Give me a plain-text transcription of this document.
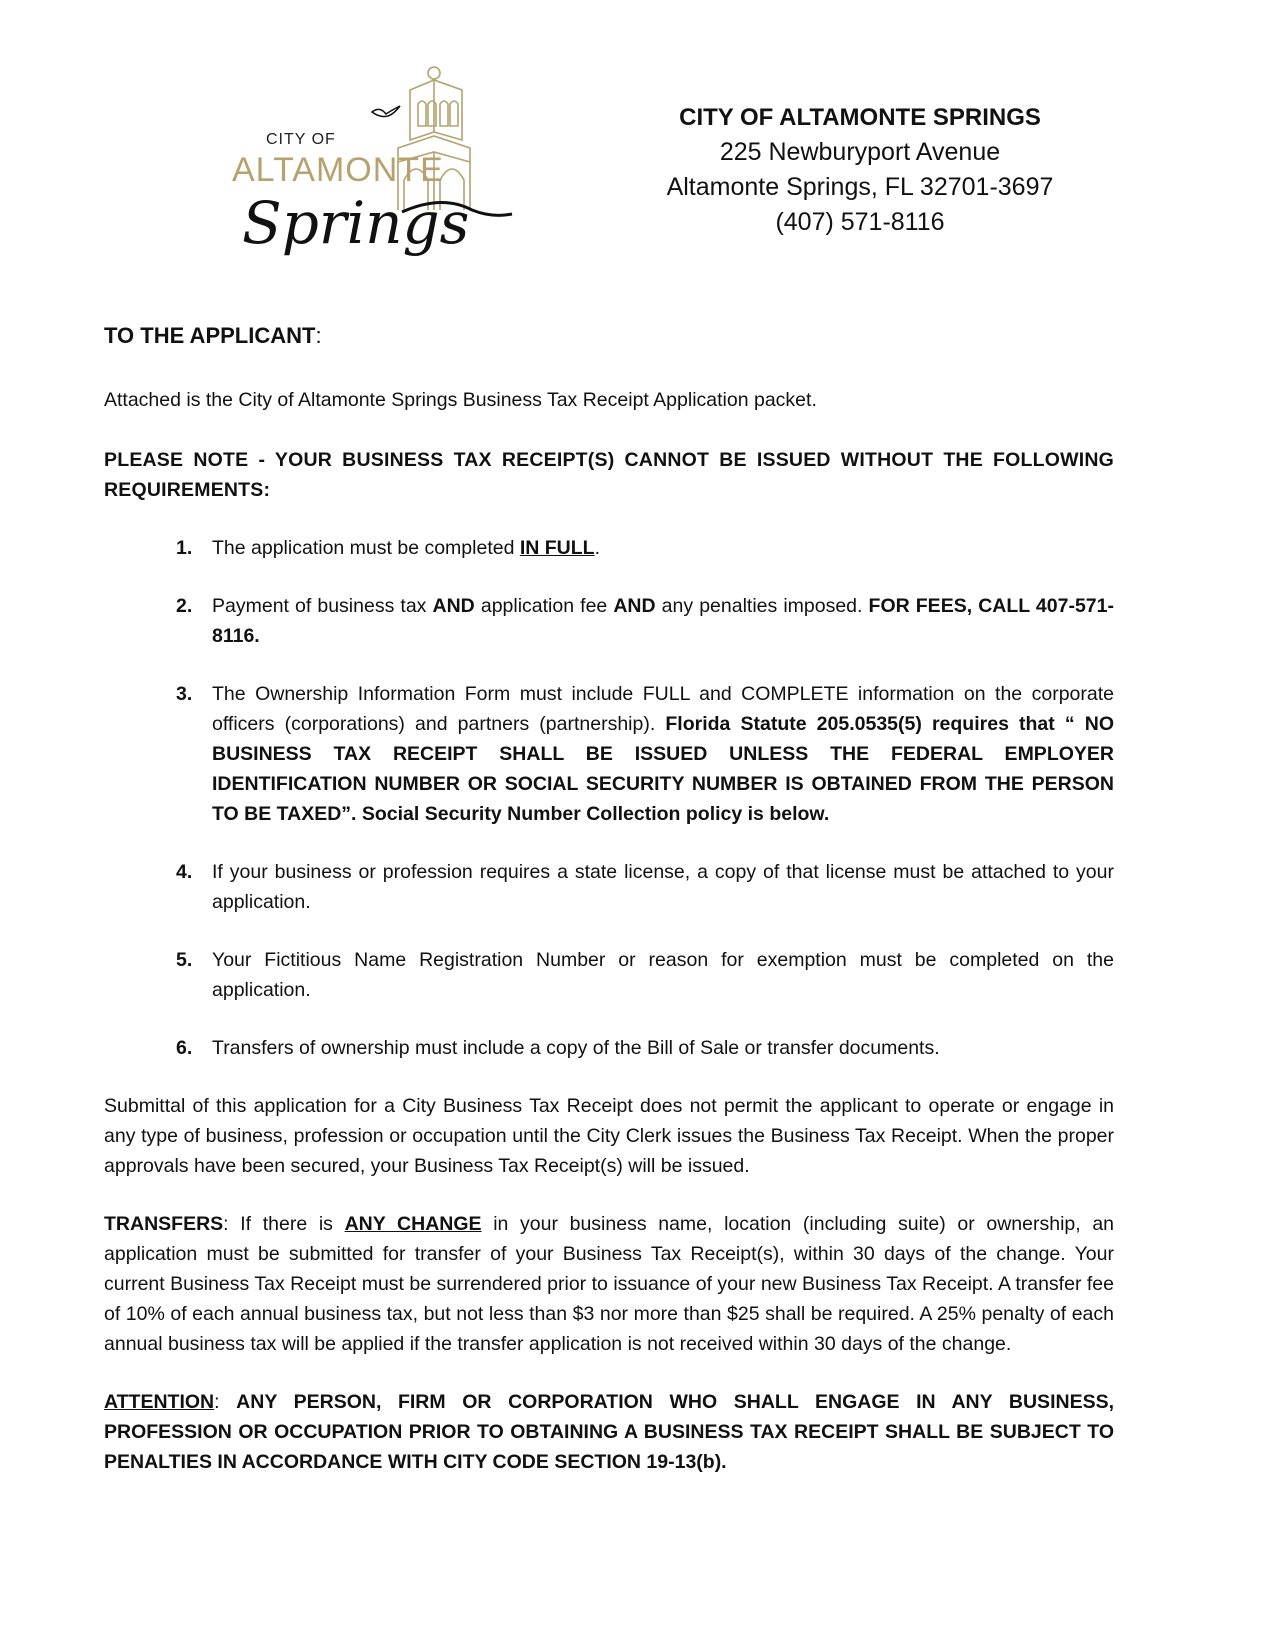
CITY OF
ALTAMONTE
Springs
CITY OF ALTAMONTE SPRINGS
225 Newburyport Avenue
Altamonte Springs, FL 32701-3697
(407) 571-8116
TO THE APPLICANT:

Attached is the City of Altamonte Springs Business Tax Receipt Application packet.

PLEASE NOTE - YOUR BUSINESS TAX RECEIPT(S) CANNOT BE ISSUED WITHOUT THE FOLLOWING REQUIREMENTS:

1. The application must be completed IN FULL.
2. Payment of business tax AND application fee AND any penalties imposed. FOR FEES, CALL 407-571-8116.
3. The Ownership Information Form must include FULL and COMPLETE information on the corporate officers (corporations) and partners (partnership). Florida Statute 205.0535(5) requires that “ NO BUSINESS TAX RECEIPT SHALL BE ISSUED UNLESS THE FEDERAL EMPLOYER IDENTIFICATION NUMBER OR SOCIAL SECURITY NUMBER IS OBTAINED FROM THE PERSON TO BE TAXED”. Social Security Number Collection policy is below.
4. If your business or profession requires a state license, a copy of that license must be attached to your application.
5. Your Fictitious Name Registration Number or reason for exemption must be completed on the application.
6. Transfers of ownership must include a copy of the Bill of Sale or transfer documents.

Submittal of this application for a City Business Tax Receipt does not permit the applicant to operate or engage in any type of business, profession or occupation until the City Clerk issues the Business Tax Receipt. When the proper approvals have been secured, your Business Tax Receipt(s) will be issued.

TRANSFERS: If there is ANY CHANGE in your business name, location (including suite) or ownership, an application must be submitted for transfer of your Business Tax Receipt(s), within 30 days of the change. Your current Business Tax Receipt must be surrendered prior to issuance of your new Business Tax Receipt. A transfer fee of 10% of each annual business tax, but not less than $3 nor more than $25 shall be required. A 25% penalty of each annual business tax will be applied if the transfer application is not received within 30 days of the change.

ATTENTION: ANY PERSON, FIRM OR CORPORATION WHO SHALL ENGAGE IN ANY BUSINESS, PROFESSION OR OCCUPATION PRIOR TO OBTAINING A BUSINESS TAX RECEIPT SHALL BE SUBJECT TO PENALTIES IN ACCORDANCE WITH CITY CODE SECTION 19-13(b).
